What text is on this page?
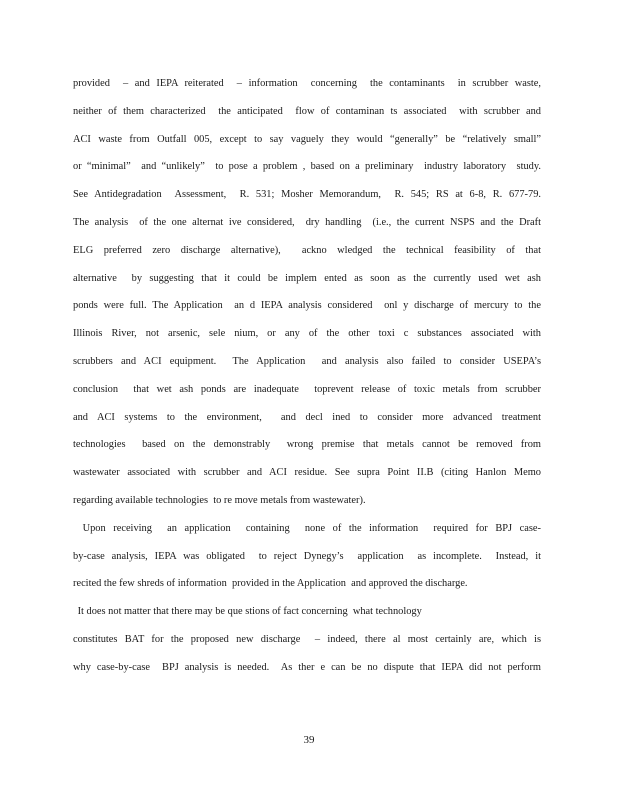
provided  – and IEPA reiterated  – information  concerning  the contaminants  in scrubber waste,
neither of them characterized  the anticipated  flow of contaminan ts associated  with scrubber and
ACI waste from Outfall 005, except to say vaguely they would “generally” be “relatively small”
or “minimal”  and “unlikely”  to pose a problem , based on a preliminary  industry laboratory  study.
See Antidegradation  Assessment,  R. 531; Mosher Memorandum,  R. 545; RS at 6-8, R. 677-79.
The analysis  of the one alternat ive considered,  dry handling  (i.e., the current NSPS and the Draft
ELG preferred zero discharge alternative),  ackno wledged the technical feasibility of that
alternative  by suggesting that it could be implem ented as soon as the currently used wet ash
ponds were full. The Application  an d IEPA analysis considered  onl y discharge of mercury to the
Illinois River, not arsenic, sele nium, or any of the other toxi c substances associated with
scrubbers and ACI equipment.  The Application  and analysis also failed to consider USEPA’s
conclusion  that wet ash ponds are inadequate  toprevent release of toxic metals from scrubber
and ACI systems to the environment,  and decl ined to consider more advanced treatment
technologies  based on the demonstrably  wrong premise that metals cannot be removed from
wastewater associated with scrubber and ACI residue. See supra Point II.B (citing Hanlon Memo
regarding available technologies  to re move metals from wastewater).
Upon receiving  an application  containing  none of the information  required for BPJ case-
by-case analysis, IEPA was obligated  to reject Dynegy’s  application  as incomplete.  Instead, it
recited the few shreds of information  provided in the Application  and approved the discharge.
It does not matter that there may be que stions of fact concerning  what technology
constitutes BAT for the proposed new discharge  – indeed, there al most certainly are, which is
why case-by-case  BPJ analysis is needed.  As ther e can be no dispute that IEPA did not perform
39
